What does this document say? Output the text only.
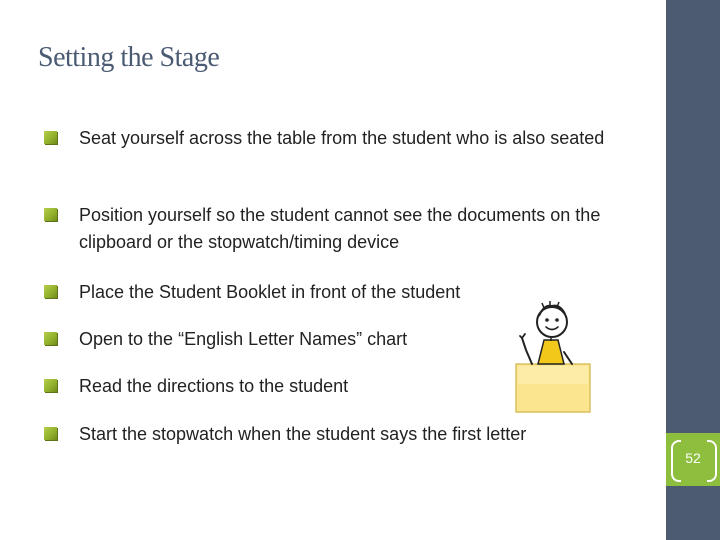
Setting the Stage
Seat yourself across the table from the student who is also seated
Position yourself so the student cannot see the documents on the clipboard or the stopwatch/timing device
Place the Student Booklet in front of the student
Open to the “English Letter Names” chart
Read the directions to the student
Start the stopwatch when the student says the first letter
52
